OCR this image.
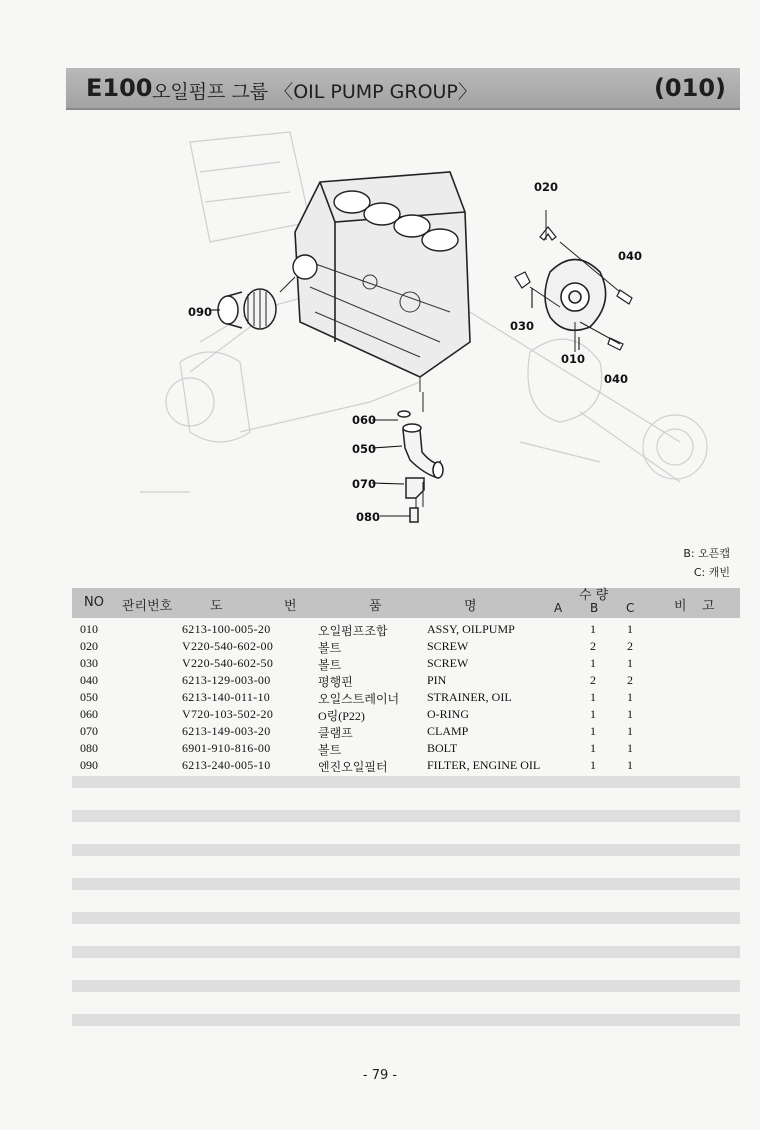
E100 오일펌프 그룹 〈OIL PUMP GROUP〉	(010)
020
040
090
030
010
040
060
050
070
080
B: 오픈캡
C: 캐빈
NO 관리번호	도	번	품	명
수 량
A B C	비 고
010	6213-100-005-20	오일펌프조합	ASSY, OILPUMP	1	1
020	V220-540-602-00	볼트	SCREW	2	2
030	V220-540-602-50	볼트	SCREW	1	1
040	6213-129-003-00	평행핀	PIN	2	2
050	6213-140-011-10	오일스트레이너 STRAINER, OIL	1	1
060	V720-103-502-20	O링(P22)	O-RING	1	1
070	6213-149-003-20	클램프	CLAMP	1	1
080	6901-910-816-00	볼트	BOLT	1	1
090	6213-240-005-10	엔진오일필터	FILTER, ENGINE OIL	1	1
- 79 -
